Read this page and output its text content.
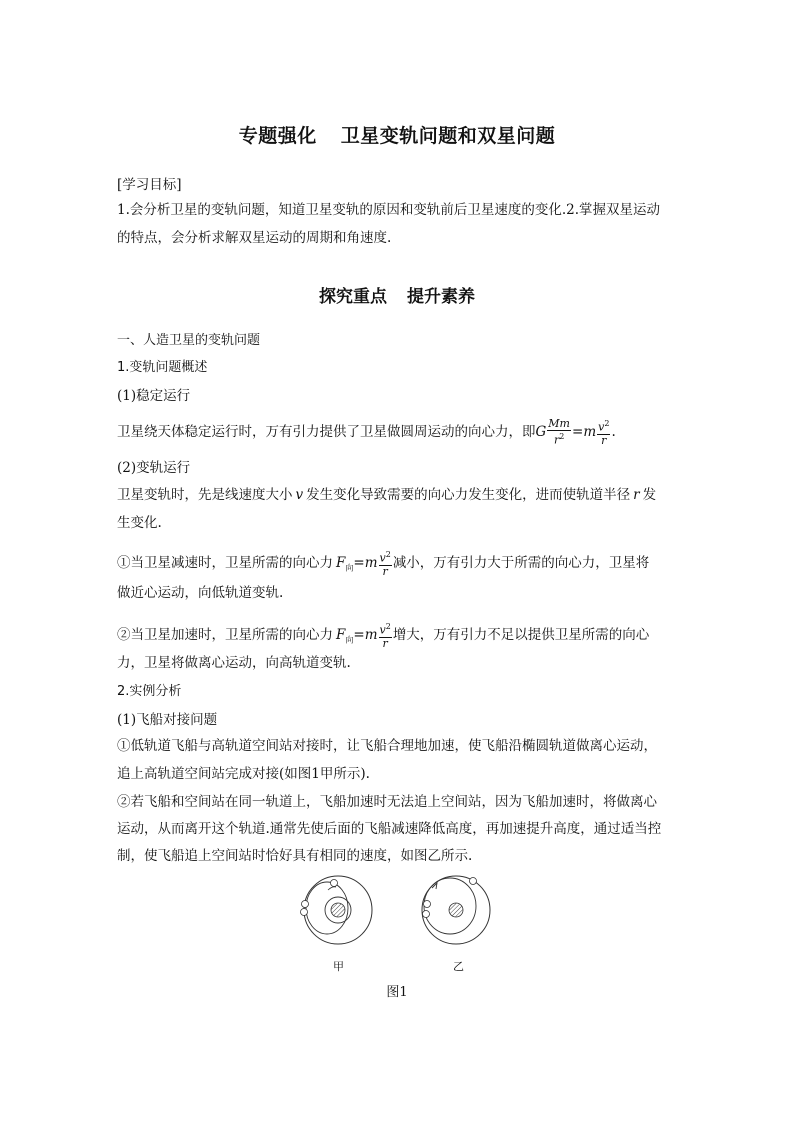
专题强化 卫星变轨问题和双星问题
[学习目标]
1.会分析卫星的变轨问题，知道卫星变轨的原因和变轨前后卫星速度的变化.2.掌握双星运动
的特点，会分析求解双星运动的周期和角速度.
探究重点 提升素养
一、人造卫星的变轨问题
1.变轨问题概述
(1)稳定运行
卫星绕天体稳定运行时，万有引力提供了卫星做圆周运动的向心力，即G $\frac{Mm}{r^2} =m \frac{v^2}{r}$ .
(2)变轨运行
卫星变轨时，先是线速度大小 v 发生变化导致需要的向心力发生变化，进而使轨道半径 r 发
生变化.
①当卫星减速时，卫星所需的向心力 $F_向=m \frac{v^2}{r}$ 减小，万有引力大于所需的向心力，卫星将
做近心运动，向低轨道变轨.
②当卫星加速时，卫星所需的向心力 $F_向=m \frac{v^2}{r}$ 增大，万有引力不足以提供卫星所需的向心
力，卫星将做离心运动，向高轨道变轨.
2.实例分析
(1)飞船对接问题
①低轨道飞船与高轨道空间站对接时，让飞船合理地加速，使飞船沿椭圆轨道做离心运动，
追上高轨道空间站完成对接(如图1甲所示).
②若飞船和空间站在同一轨道上，飞船加速时无法追上空间站，因为飞船加速时，将做离心
运动，从而离开这个轨道.通常先使后面的飞船减速降低高度，再加速提升高度，通过适当控
制，使飞船追上空间站时恰好具有相同的速度，如图乙所示.
甲	乙
图1
